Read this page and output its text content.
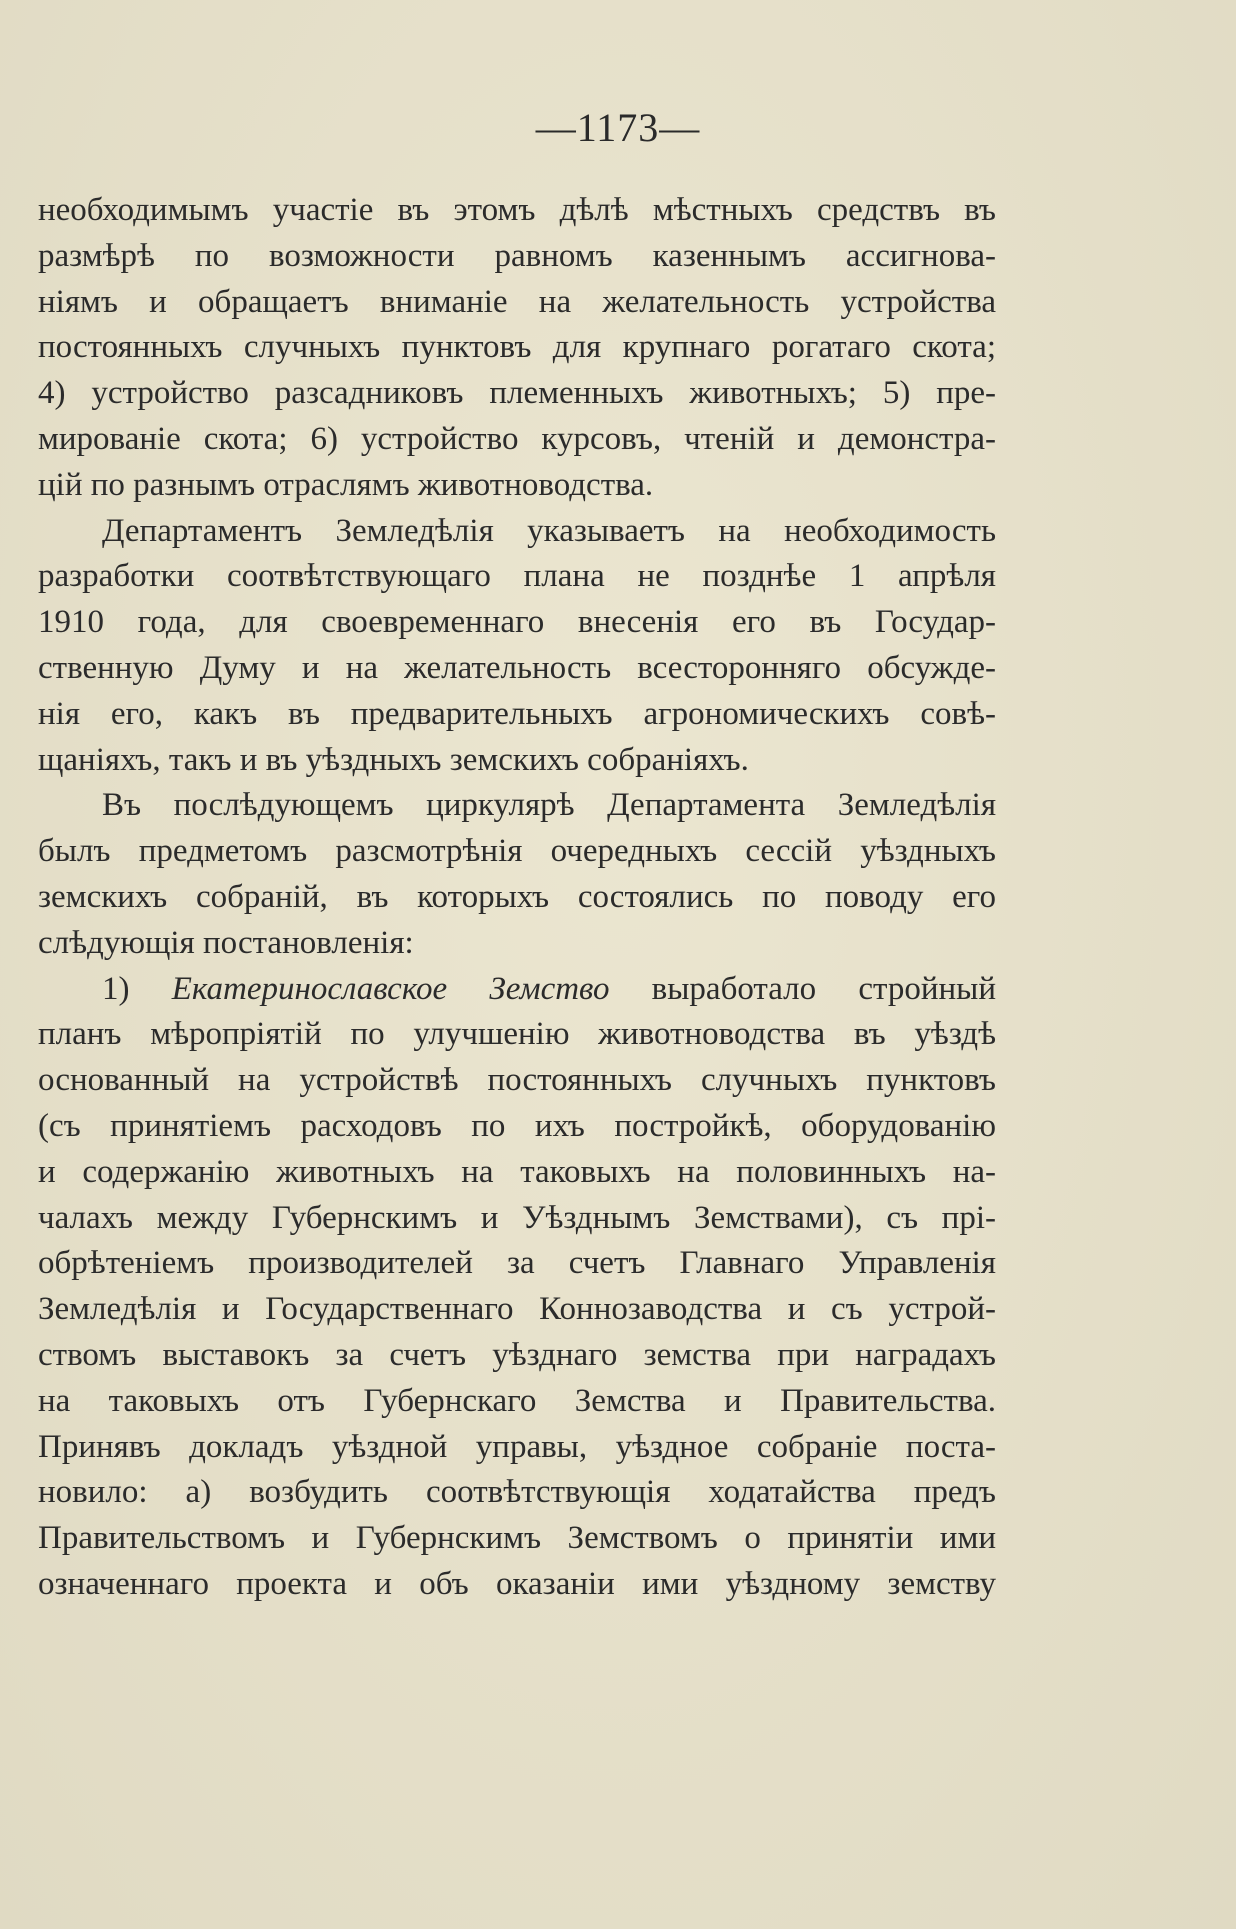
—1173—
необходимымъ участіе въ этомъ дѣлѣ мѣстныхъ средствъ въ
размѣрѣ по возможности равномъ казеннымъ ассигнова-
ніямъ и обращаетъ вниманіе на желательность устройства
постоянныхъ случныхъ пунктовъ для крупнаго рогатаго скота;
4) устройство разсадниковъ племенныхъ животныхъ; 5) пре-
мированіе скота; 6) устройство курсовъ, чтеній и демонстра-
цій по разнымъ отраслямъ животноводства.
Департаментъ Земледѣлія указываетъ на необходимость
разработки соотвѣтствующаго плана не позднѣе 1 апрѣля
1910 года, для своевременнаго внесенія его въ Государ-
ственную Думу и на желательность всесторонняго обсужде-
нія его, какъ въ предварительныхъ агрономическихъ совѣ-
щаніяхъ, такъ и въ уѣздныхъ земскихъ собраніяхъ.
Въ послѣдующемъ циркулярѣ Департамента Земледѣлія
былъ предметомъ разсмотрѣнія очередныхъ сессій уѣздныхъ
земскихъ собраній, въ которыхъ состоялись по поводу его
слѣдующія постановленія:
1) Екатеринославское Земство выработало стройный
планъ мѣропріятій по улучшенію животноводства въ уѣздѣ
основанный на устройствѣ постоянныхъ случныхъ пунктовъ
(съ принятіемъ расходовъ по ихъ постройкѣ, оборудованію
и содержанію животныхъ на таковыхъ на половинныхъ на-
чалахъ между Губернскимъ и Уѣзднымъ Земствами), съ прі-
обрѣтеніемъ производителей за счетъ Главнаго Управленія
Земледѣлія и Государственнаго Коннозаводства и съ устрой-
ствомъ выставокъ за счетъ уѣзднаго земства при наградахъ
на таковыхъ отъ Губернскаго Земства и Правительства.
Принявъ докладъ уѣздной управы, уѣздное собраніе поста-
новило: а) возбудить соотвѣтствующія ходатайства предъ
Правительствомъ и Губернскимъ Земствомъ о принятіи ими
означеннаго проекта и объ оказаніи ими уѣздному земству
